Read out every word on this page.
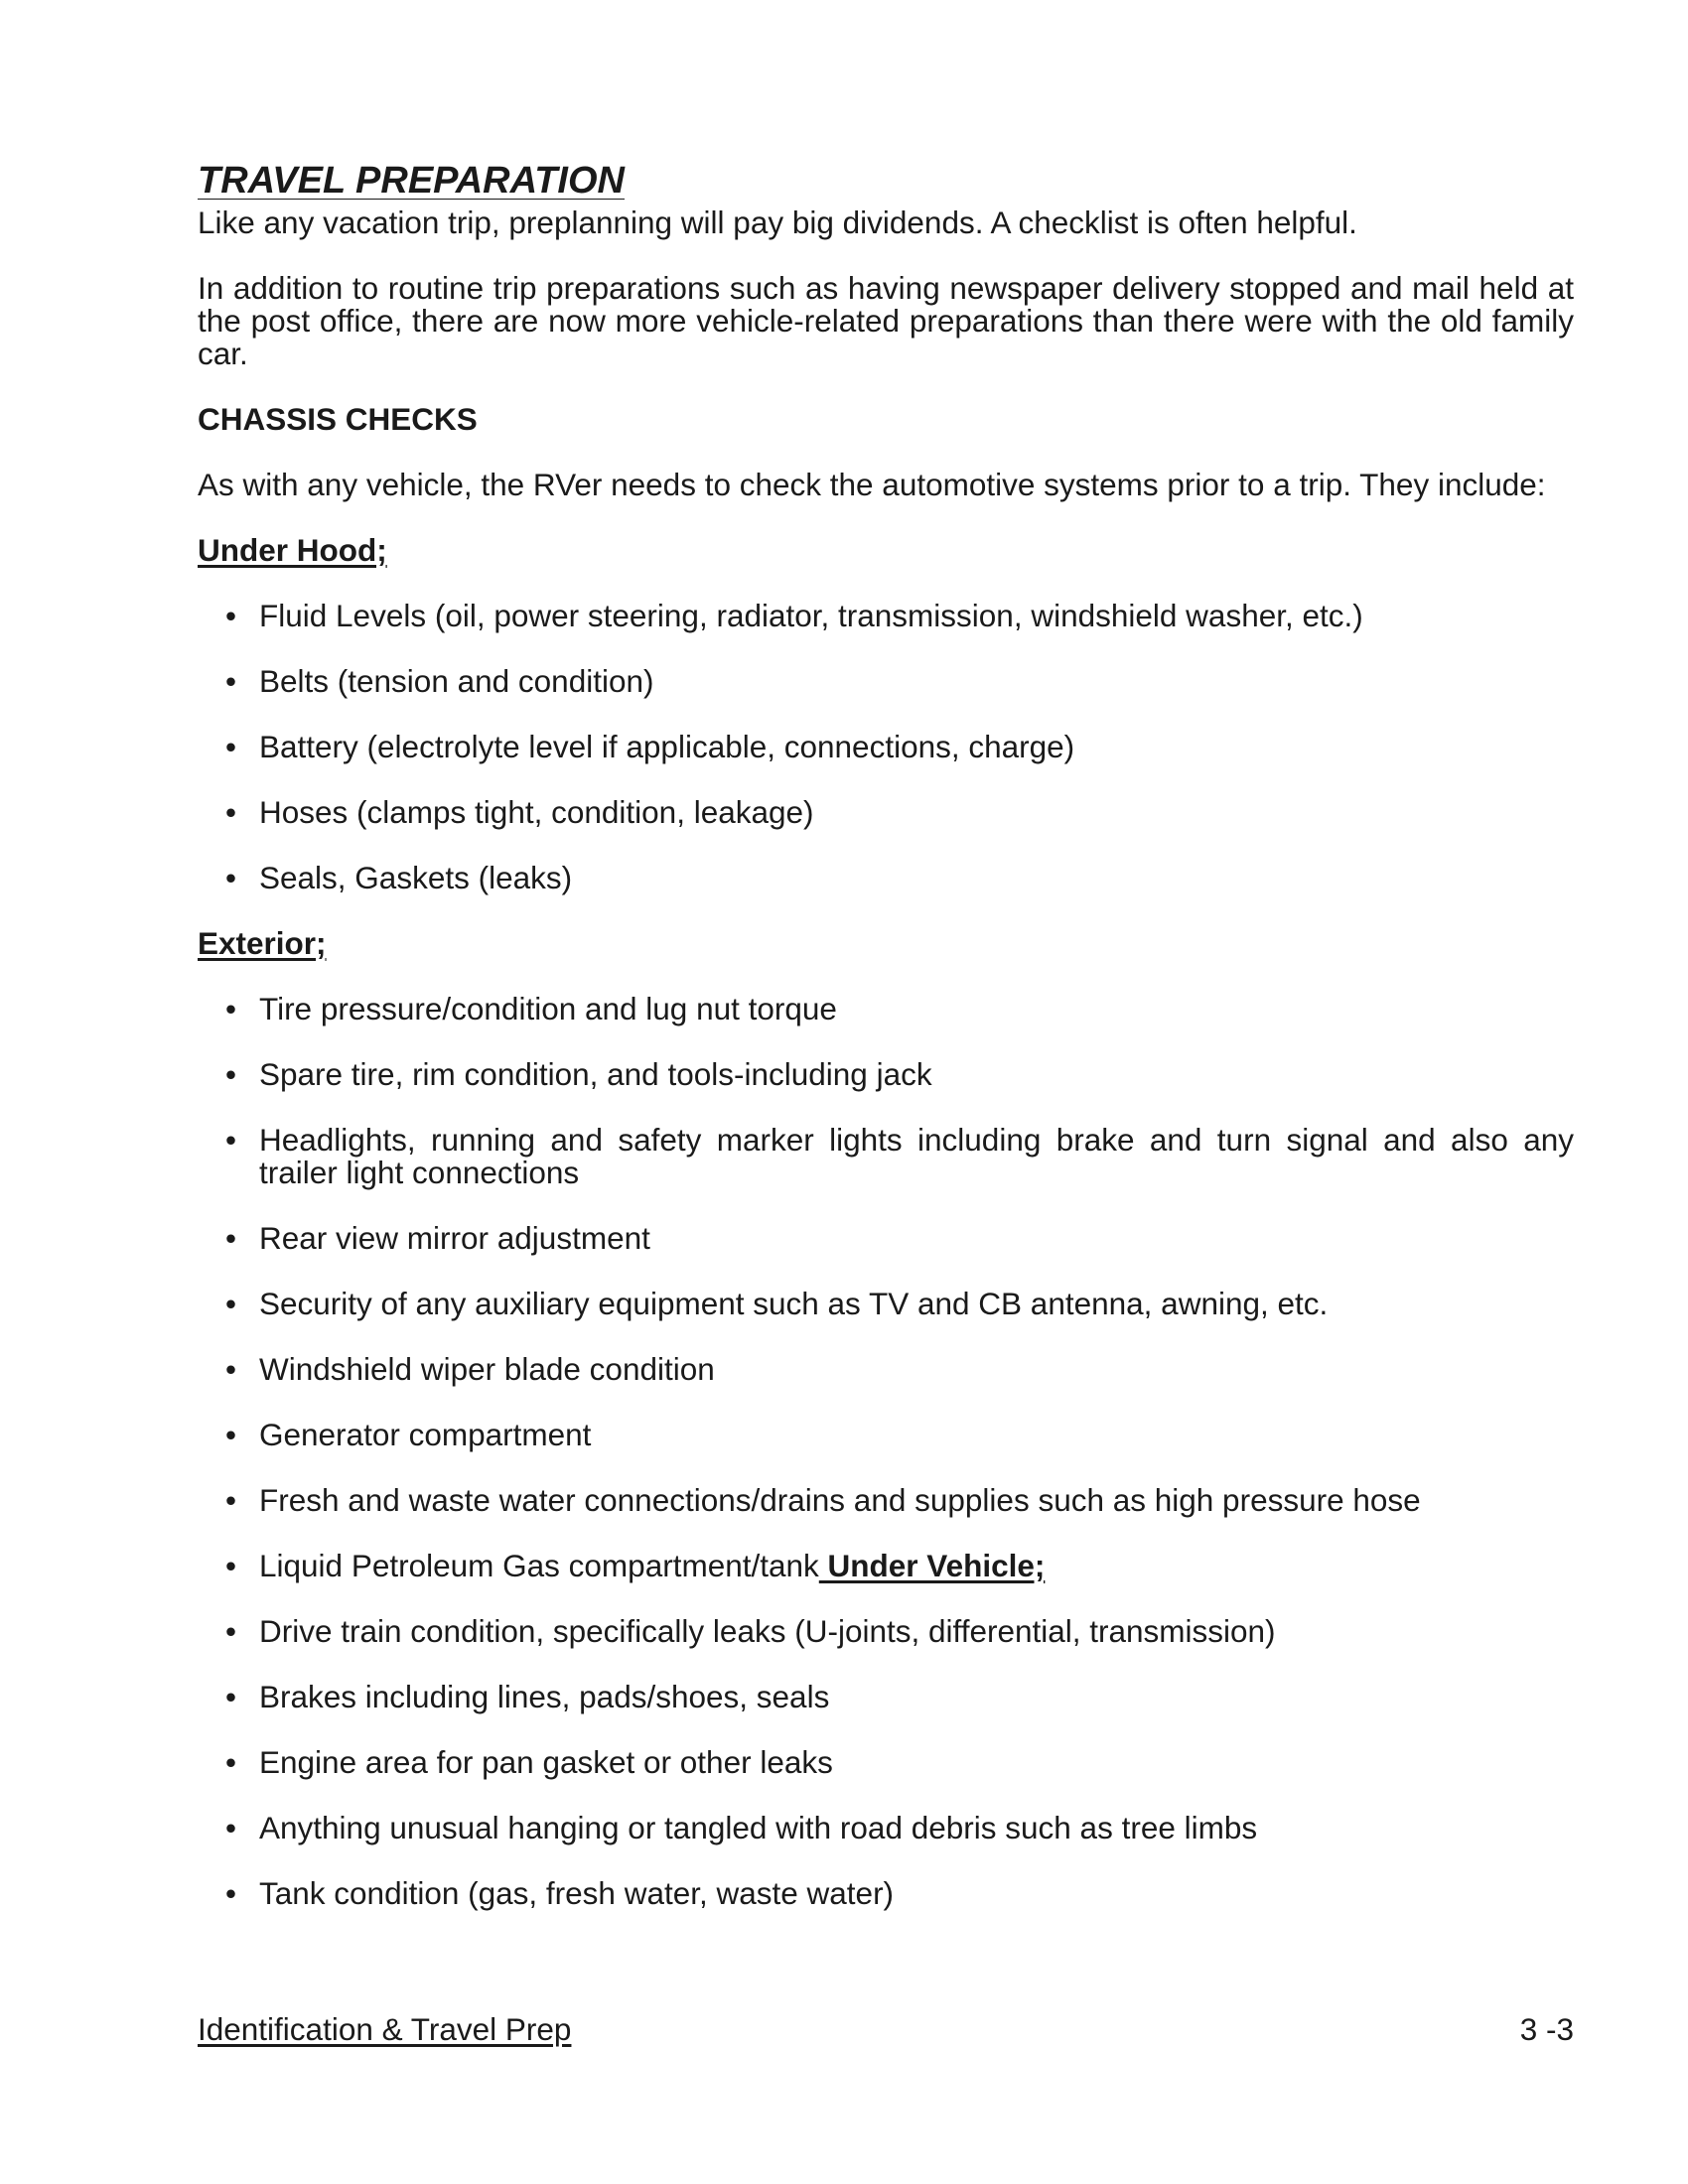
TRAVEL PREPARATION

Like any vacation trip, preplanning will pay big dividends. A checklist is often helpful.

In addition to routine trip preparations such as having newspaper delivery stopped and mail held at the post office, there are now more vehicle-related preparations than there were with the old family car.

CHASSIS CHECKS

As with any vehicle, the RVer needs to check the automotive systems prior to a trip. They include:

Under Hood;
• Fluid Levels (oil, power steering, radiator, transmission, windshield washer, etc.)
• Belts (tension and condition)
• Battery (electrolyte level if applicable, connections, charge)
• Hoses (clamps tight, condition, leakage)
• Seals, Gaskets (leaks)
Exterior;
• Tire pressure/condition and lug nut torque
• Spare tire, rim condition, and tools-including jack
• Headlights, running and safety marker lights including brake and turn signal and also any trailer light connections
• Rear view mirror adjustment
• Security of any auxiliary equipment such as TV and CB antenna, awning, etc.
• Windshield wiper blade condition
• Generator compartment
• Fresh and waste water connections/drains and supplies such as high pressure hose
• Liquid Petroleum Gas compartment/tank Under Vehicle;
• Drive train condition, specifically leaks (U-joints, differential, transmission)
• Brakes including lines, pads/shoes, seals
• Engine area for pan gasket or other leaks
• Anything unusual hanging or tangled with road debris such as tree limbs
• Tank condition (gas, fresh water, waste water)
Identification & Travel Prep	3 -3
